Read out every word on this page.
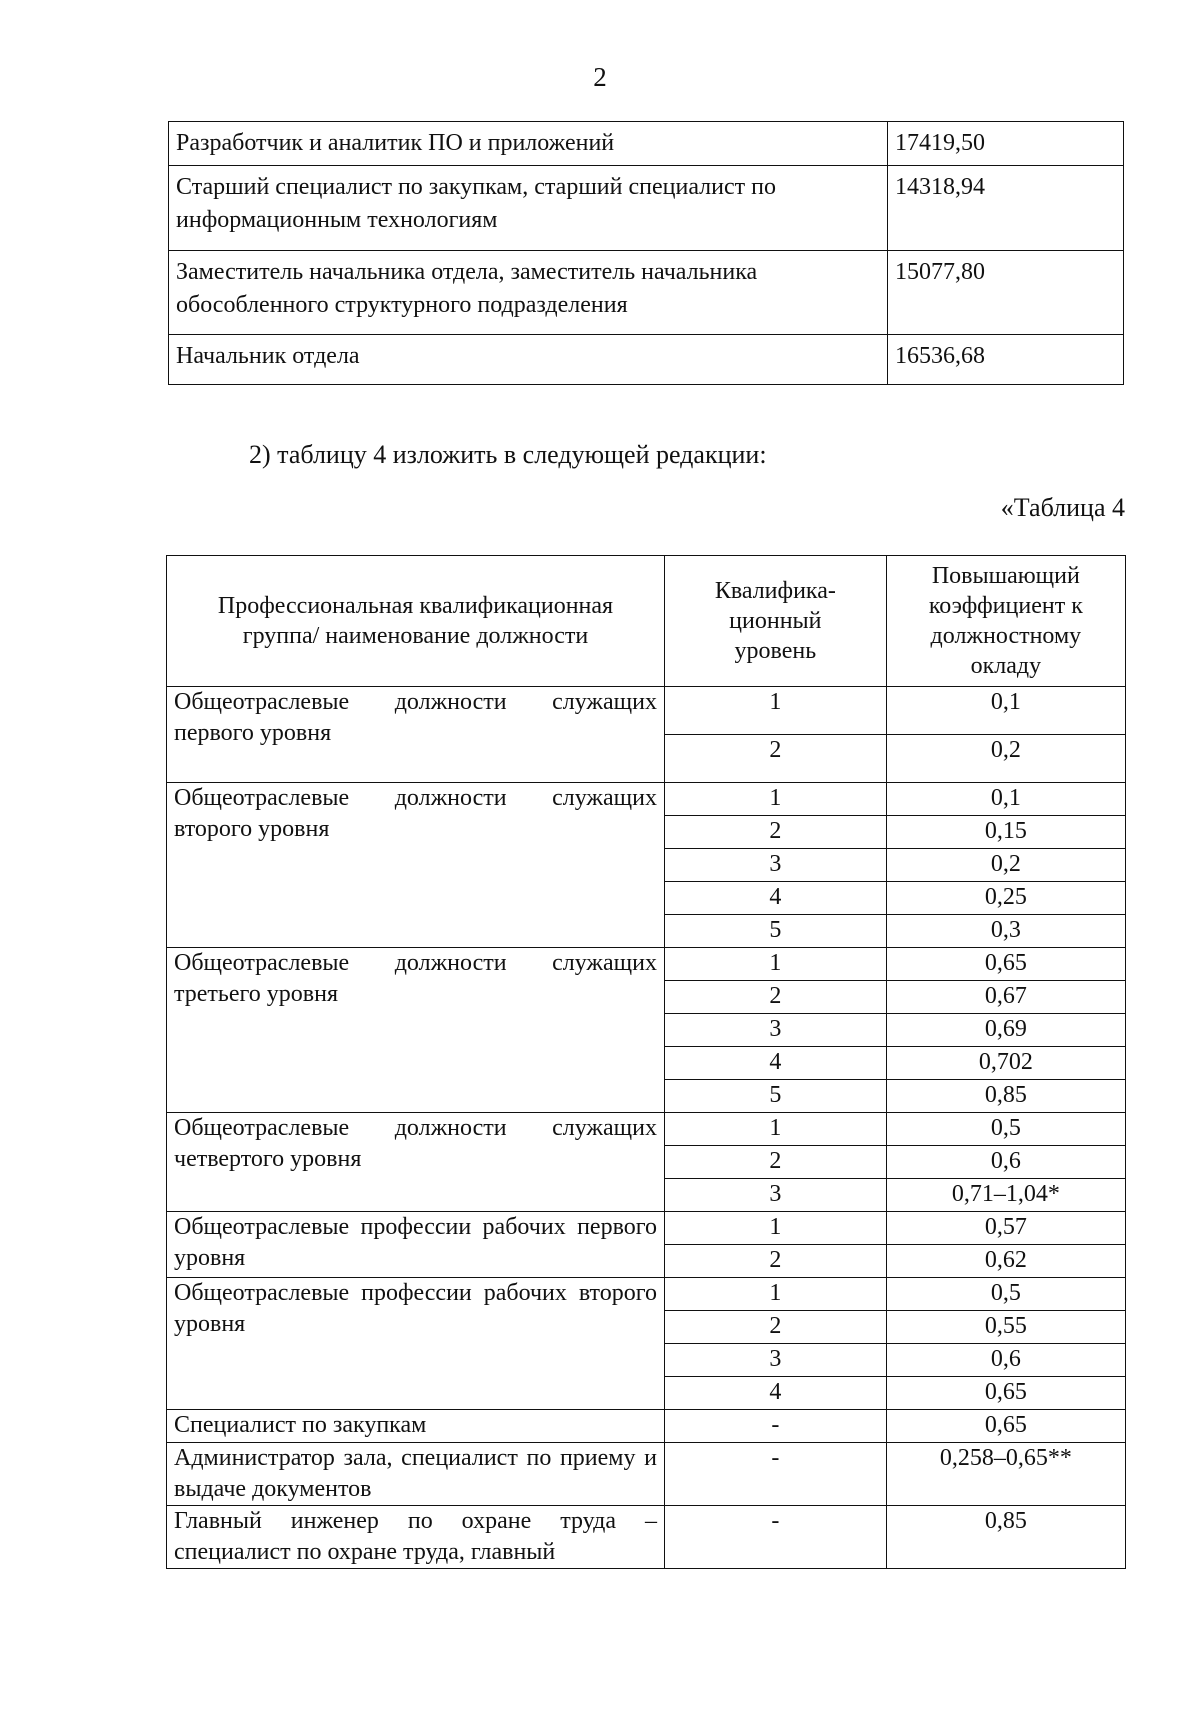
2
Разработчик и аналитик ПО и приложений	17419,50
Старший специалист по закупкам, старший специалист по информационным технологиям	14318,94
Заместитель начальника отдела, заместитель начальника обособленного структурного подразделения	15077,80
Начальник отдела	16536,68
2) таблицу 4 изложить в следующей редакции:
«Таблица 4
Профессиональная квалификационная группа/ наименование должности	Квалифика-ционный уровень	Повышающий коэффициент к должностному окладу
Общеотраслевые должности служащих первого уровня	1	0,1
	2	0,2
Общеотраслевые должности служащих второго уровня	1	0,1
	2	0,15
	3	0,2
	4	0,25
	5	0,3
Общеотраслевые должности служащих третьего уровня	1	0,65
	2	0,67
	3	0,69
	4	0,702
	5	0,85
Общеотраслевые должности служащих четвертого уровня	1	0,5
	2	0,6
	3	0,71–1,04*
Общеотраслевые профессии рабочих первого уровня	1	0,57
	2	0,62
Общеотраслевые профессии рабочих второго уровня	1	0,5
	2	0,55
	3	0,6
	4	0,65
Специалист по закупкам	-	0,65
Администратор зала, специалист по приему и выдаче документов	-	0,258–0,65**
Главный инженер по охране труда – специалист по охране труда, главный	-	0,85
